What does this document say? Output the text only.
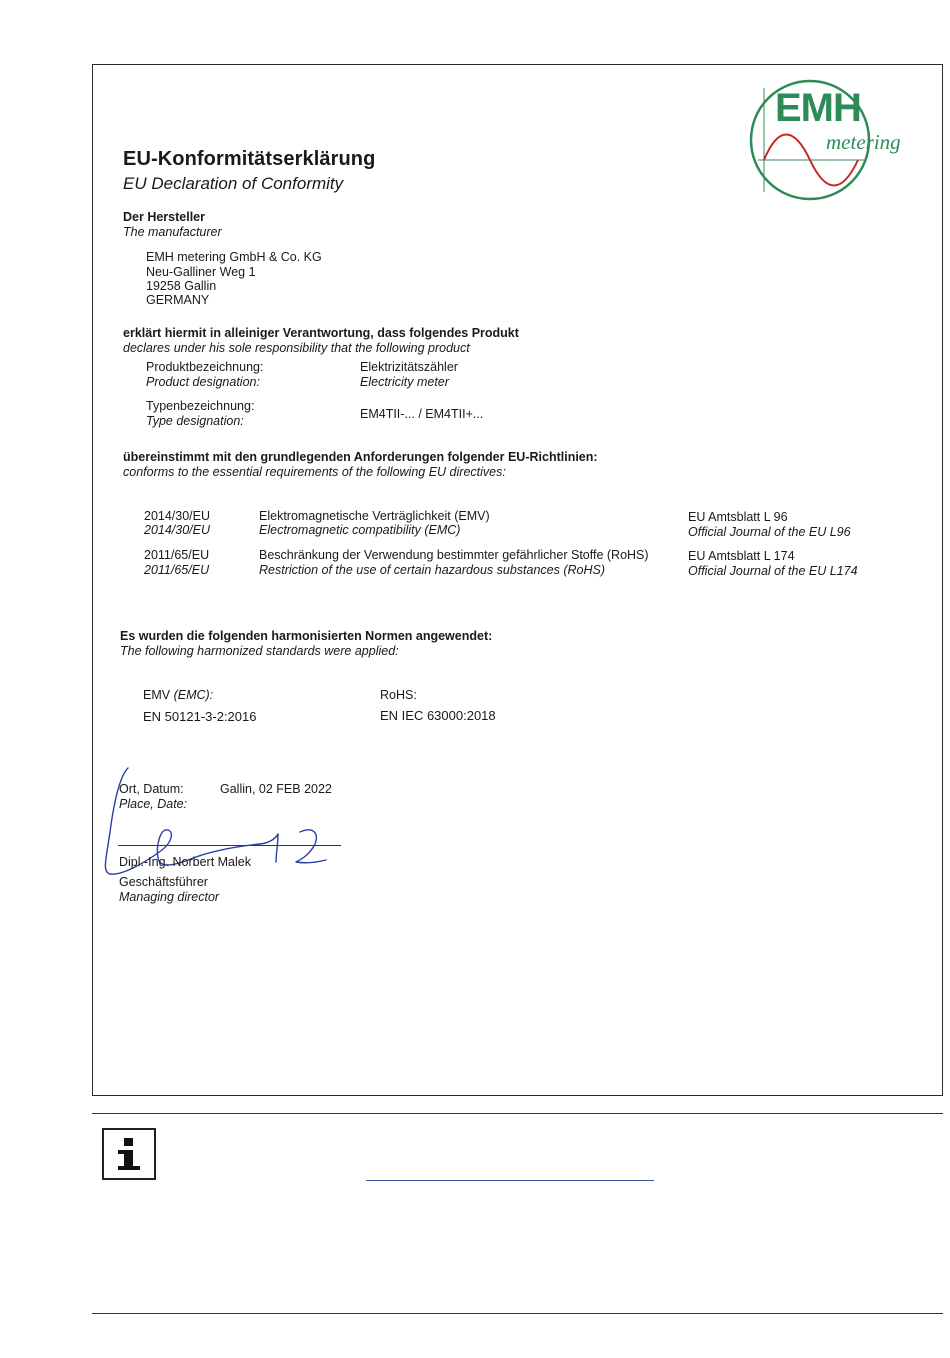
EMH
metering
EU-Konformitätserklärung
EU Declaration of Conformity
Der Hersteller
The manufacturer
EMH metering GmbH & Co. KG
Neu-Galliner Weg 1
19258 Gallin
GERMANY
erklärt hiermit in alleiniger Verantwortung, dass folgendes Produkt
declares under his sole responsibility that the following product
Produktbezeichnung:
Product designation:
Elektrizitätszähler
Electricity meter
Typenbezeichnung:
Type designation:	EM4TII-... / EM4TII+...
übereinstimmt mit den grundlegenden Anforderungen folgender EU-Richtlinien:
conforms to the essential requirements of the following EU directives:
2014/30/EU
2014/30/EU
Elektromagnetische Verträglichkeit (EMV)
Electromagnetic compatibility (EMC)
EU Amtsblatt L 96
Official Journal of the EU L96
2011/65/EU
2011/65/EU
Beschränkung der Verwendung bestimmter gefährlicher Stoffe (RoHS)
Restriction of the use of certain hazardous substances (RoHS)
EU Amtsblatt L 174
Official Journal of the EU L174
Es wurden die folgenden harmonisierten Normen angewendet:
The following harmonized standards were applied:
EMV (EMC):
EN 50121-3-2:2016
RoHS:
EN IEC 63000:2018
Ort, Datum:
Place, Date:
Gallin, 02 FEB 2022
Dipl.-Ing. Norbert Malek
Geschäftsführer
Managing director
